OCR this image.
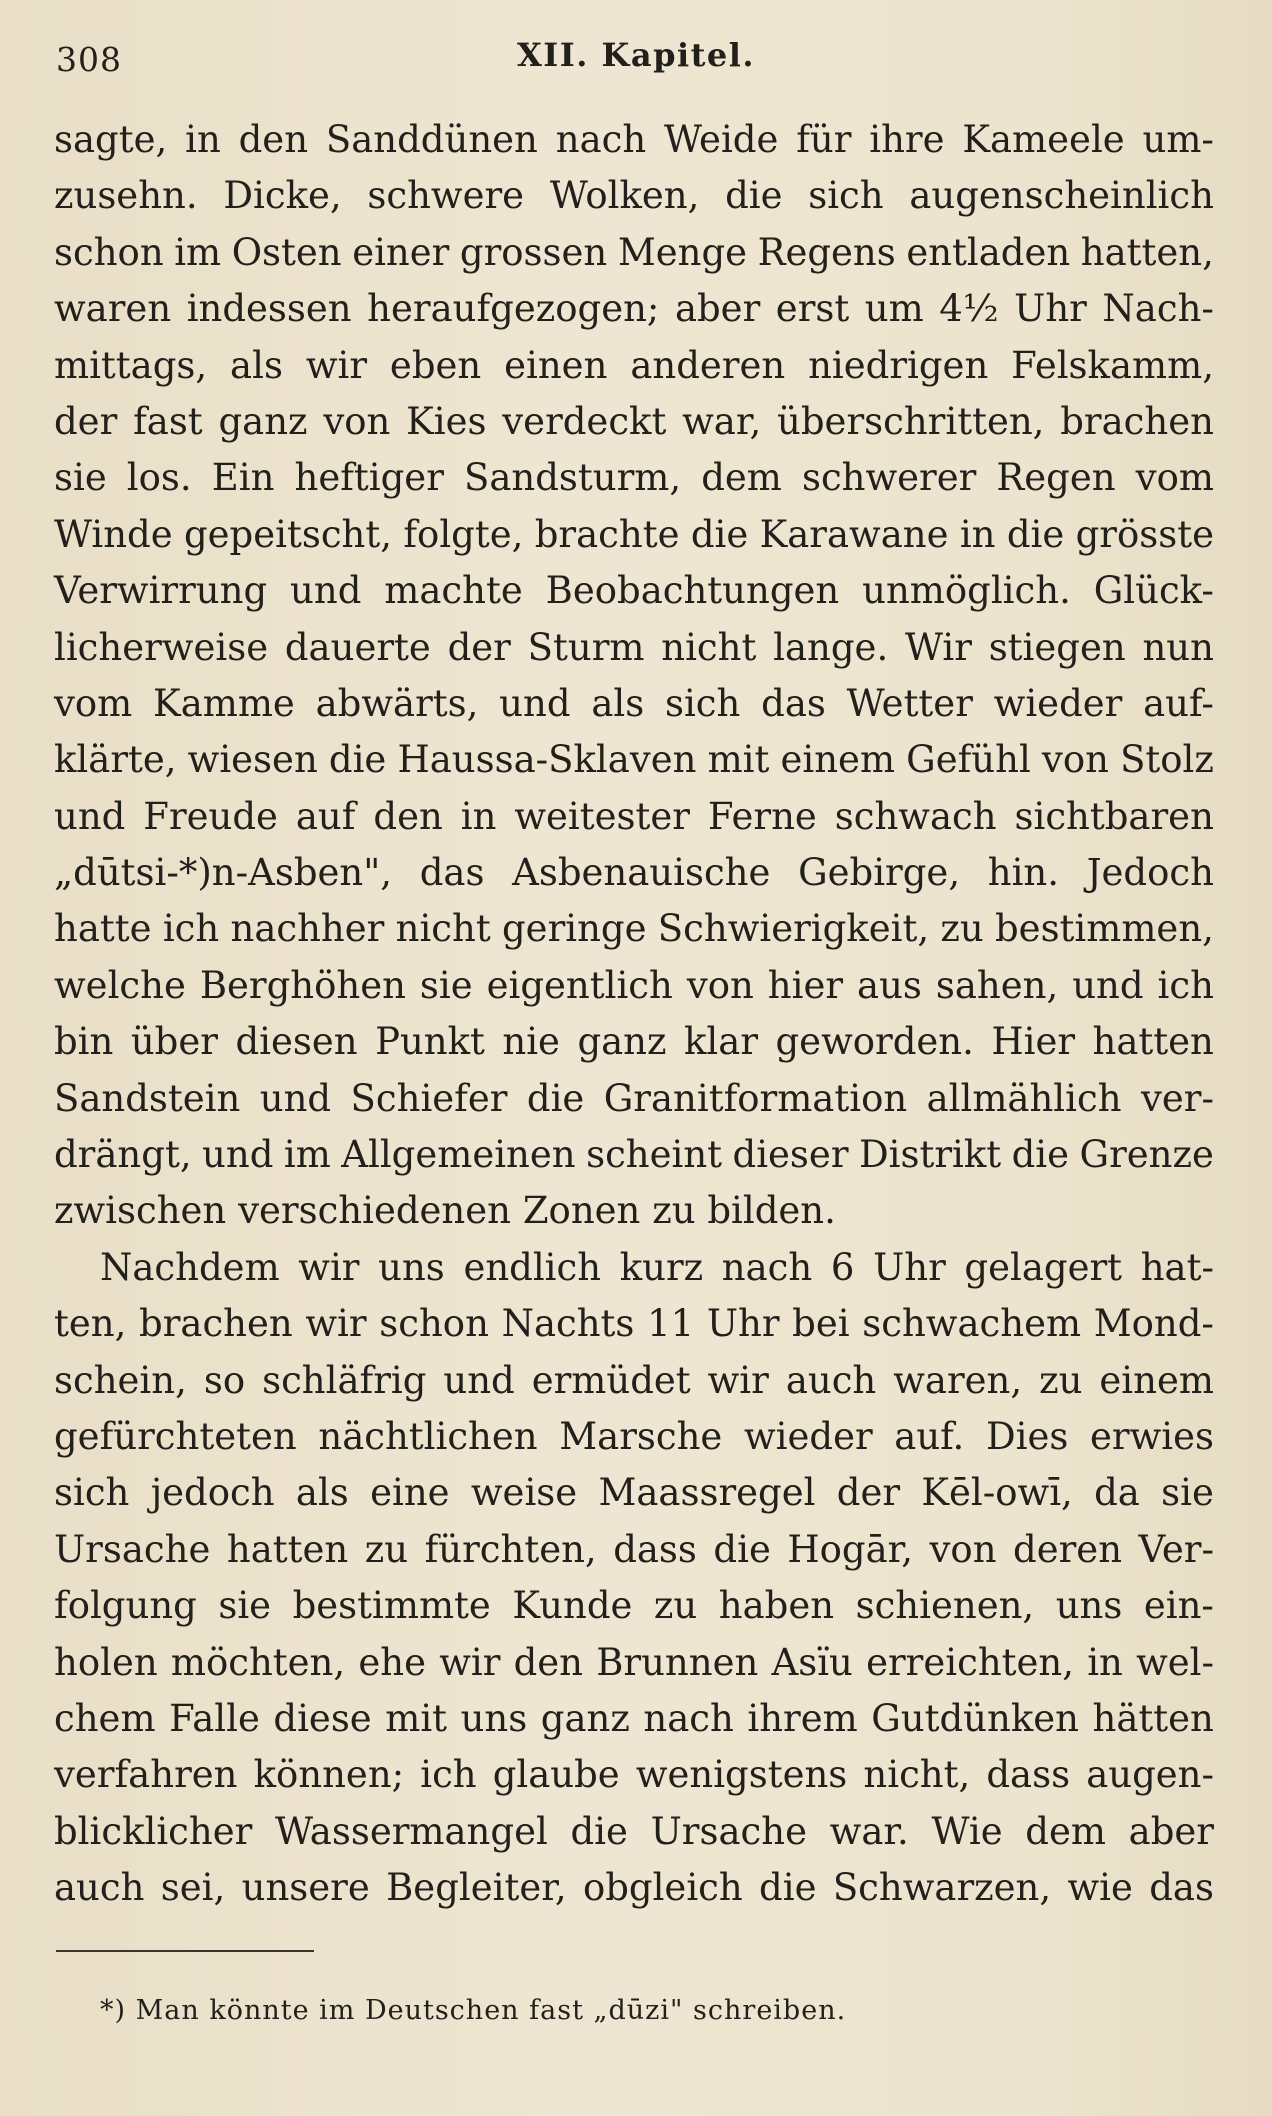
308	XII. Kapitel.
sagte, in den Sanddünen nach Weide für ihre Kameele um-
zusehn. Dicke, schwere Wolken, die sich augenscheinlich
schon im Osten einer grossen Menge Regens entladen hatten,
waren indessen heraufgezogen; aber erst um 4½ Uhr Nach-
mittags, als wir eben einen anderen niedrigen Felskamm,
der fast ganz von Kies verdeckt war, überschritten, brachen
sie los. Ein heftiger Sandsturm, dem schwerer Regen vom
Winde gepeitscht, folgte, brachte die Karawane in die grösste
Verwirrung und machte Beobachtungen unmöglich. Glück-
licherweise dauerte der Sturm nicht lange. Wir stiegen nun
vom Kamme abwärts, und als sich das Wetter wieder auf-
klärte, wiesen die Haussa-Sklaven mit einem Gefühl von Stolz
und Freude auf den in weitester Ferne schwach sichtbaren
„dūtsi-*)n-Asben", das Asbenauische Gebirge, hin. Jedoch
hatte ich nachher nicht geringe Schwierigkeit, zu bestimmen,
welche Berghöhen sie eigentlich von hier aus sahen, und ich
bin über diesen Punkt nie ganz klar geworden. Hier hatten
Sandstein und Schiefer die Granitformation allmählich ver-
drängt, und im Allgemeinen scheint dieser Distrikt die Grenze
zwischen verschiedenen Zonen zu bilden.
Nachdem wir uns endlich kurz nach 6 Uhr gelagert hat-
ten, brachen wir schon Nachts 11 Uhr bei schwachem Mond-
schein, so schläfrig und ermüdet wir auch waren, zu einem
gefürchteten nächtlichen Marsche wieder auf. Dies erwies
sich jedoch als eine weise Maassregel der Kēl-owī, da sie
Ursache hatten zu fürchten, dass die Hogār, von deren Ver-
folgung sie bestimmte Kunde zu haben schienen, uns ein-
holen möchten, ehe wir den Brunnen Asïu erreichten, in wel-
chem Falle diese mit uns ganz nach ihrem Gutdünken hätten
verfahren können; ich glaube wenigstens nicht, dass augen-
blicklicher Wassermangel die Ursache war. Wie dem aber
auch sei, unsere Begleiter, obgleich die Schwarzen, wie das
*) Man könnte im Deutschen fast „dūzi" schreiben.
